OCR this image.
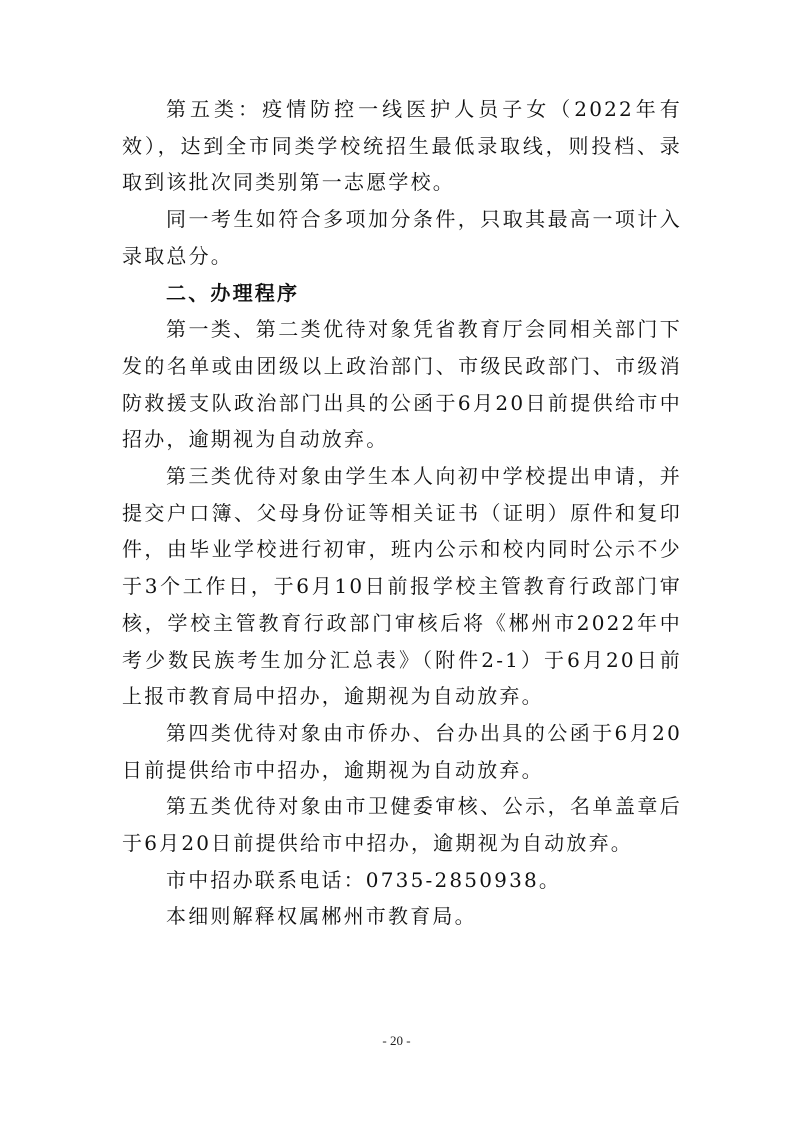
第五类：疫情防控一线医护人员子女（2022年有效），达到全市同类学校统招生最低录取线，则投档、录取到该批次同类别第一志愿学校。

同一考生如符合多项加分条件，只取其最高一项计入录取总分。

二、办理程序

第一类、第二类优待对象凭省教育厅会同相关部门下发的名单或由团级以上政治部门、市级民政部门、市级消防救援支队政治部门出具的公函于6月20日前提供给市中招办，逾期视为自动放弃。

第三类优待对象由学生本人向初中学校提出申请，并提交户口簿、父母身份证等相关证书（证明）原件和复印件，由毕业学校进行初审，班内公示和校内同时公示不少于3个工作日，于6月10日前报学校主管教育行政部门审核，学校主管教育行政部门审核后将《郴州市2022年中考少数民族考生加分汇总表》（附件2-1）于6月20日前上报市教育局中招办，逾期视为自动放弃。

第四类优待对象由市侨办、台办出具的公函于6月20日前提供给市中招办，逾期视为自动放弃。

第五类优待对象由市卫健委审核、公示，名单盖章后于6月20日前提供给市中招办，逾期视为自动放弃。

市中招办联系电话：0735-2850938。

本细则解释权属郴州市教育局。

- 20 -
